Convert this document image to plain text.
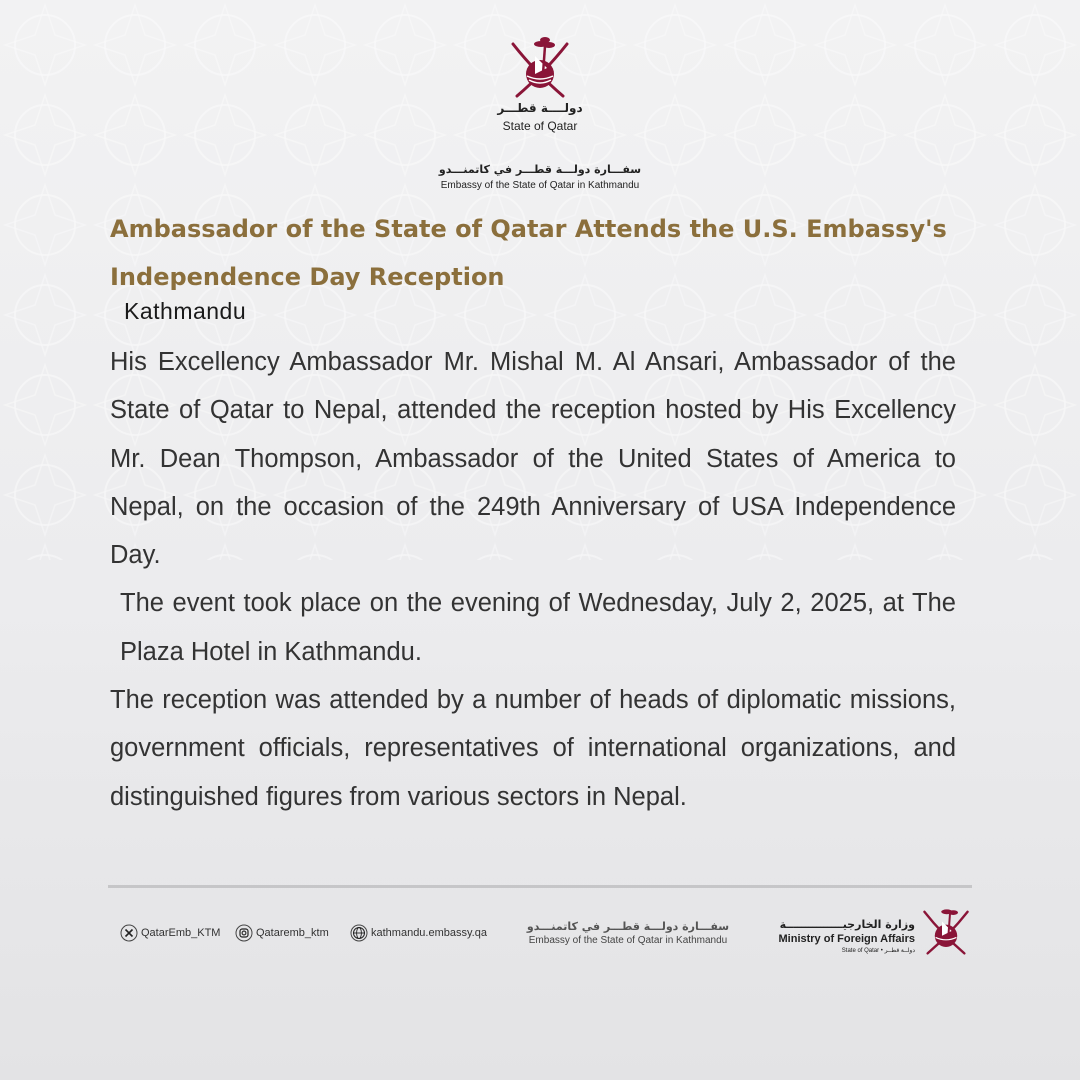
دولــــة قطـــر
State of Qatar
سفـــارة دولـــة قطـــر في كاتمنـــدو
Embassy of the State of Qatar in Kathmandu
Ambassador of the State of Qatar Attends the U.S. Embassy's Independence Day Reception
Kathmandu

His Excellency Ambassador Mr. Mishal M. Al Ansari, Ambassador of the State of Qatar to Nepal, attended the reception hosted by His Excellency Mr. Dean Thompson, Ambassador of the United States of America to Nepal, on the occasion of the 249th Anniversary of USA Independence Day.

The event took place on the evening of Wednesday, July 2, 2025, at The Plaza Hotel in Kathmandu.

The reception was attended by a number of heads of diplomatic missions, government officials, representatives of international organizations, and distinguished figures from various sectors in Nepal.

QatarEmb_KTM	Qataremb_ktm	kathmandu.embassy.qa	سفـــارة دولـــة قطـــر في كاتمنـــدو
Embassy of the State of Qatar in Kathmandu
وزارة الخارجيـــــــــــــــة
Ministry of Foreign Affairs
State of Qatar • دولــة قطــر
